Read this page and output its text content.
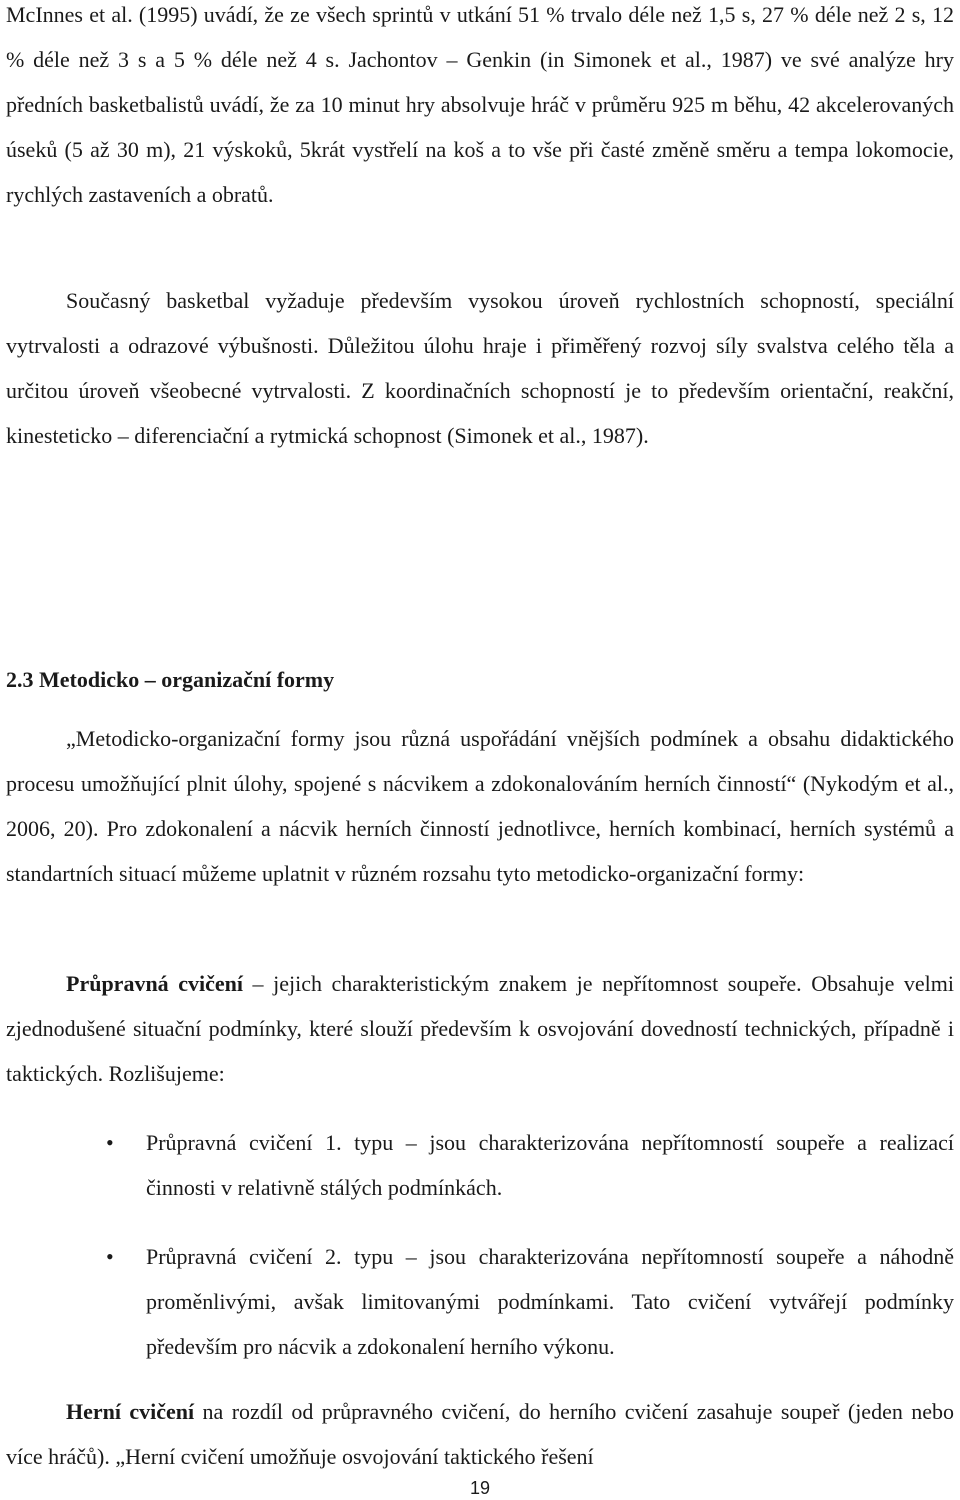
McInnes et al. (1995) uvádí, že ze všech sprintů v utkání 51 % trvalo déle než 1,5 s, 27 % déle než 2 s, 12 % déle než 3 s a 5 % déle než 4 s. Jachontov – Genkin (in Simonek et al., 1987) ve své analýze hry předních basketbalistů uvádí, že za 10 minut hry absolvuje hráč v průměru 925 m běhu, 42 akcelerovaných úseků (5 až 30 m), 21 výskoků, 5krát vystřelí na koš a to vše při časté změně směru a tempa lokomocie, rychlých zastaveních a obratů.

Současný basketbal vyžaduje především vysokou úroveň rychlostních schopností, speciální vytrvalosti a odrazové výbušnosti. Důležitou úlohu hraje i přiměřený rozvoj síly svalstva celého těla a určitou úroveň všeobecné vytrvalosti. Z koordinačních schopností je to především orientační, reakční, kinesteticko – diferenciační a rytmická schopnost (Simonek et al., 1987).

2.3 Metodicko – organizační formy

„Metodicko-organizační formy jsou různá uspořádání vnějších podmínek a obsahu didaktického procesu umožňující plnit úlohy, spojené s nácvikem a zdokonalováním herních činností“ (Nykodým et al., 2006, 20). Pro zdokonalení a nácvik herních činností jednotlivce, herních kombinací, herních systémů a standartních situací můžeme uplatnit v různém rozsahu tyto metodicko-organizační formy:

Průpravná cvičení – jejich charakteristickým znakem je nepřítomnost soupeře. Obsahuje velmi zjednodušené situační podmínky, které slouží především k osvojování dovedností technických, případně i taktických. Rozlišujeme:

• Průpravná cvičení 1. typu – jsou charakterizována nepřítomností soupeře a realizací činnosti v relativně stálých podmínkách.

• Průpravná cvičení 2. typu – jsou charakterizována nepřítomností soupeře a náhodně proměnlivými, avšak limitovanými podmínkami. Tato cvičení vytvářejí podmínky především pro nácvik a zdokonalení herního výkonu.

Herní cvičení na rozdíl od průpravného cvičení, do herního cvičení zasahuje soupeř (jeden nebo více hráčů). „Herní cvičení umožňuje osvojování taktického řešení

19
